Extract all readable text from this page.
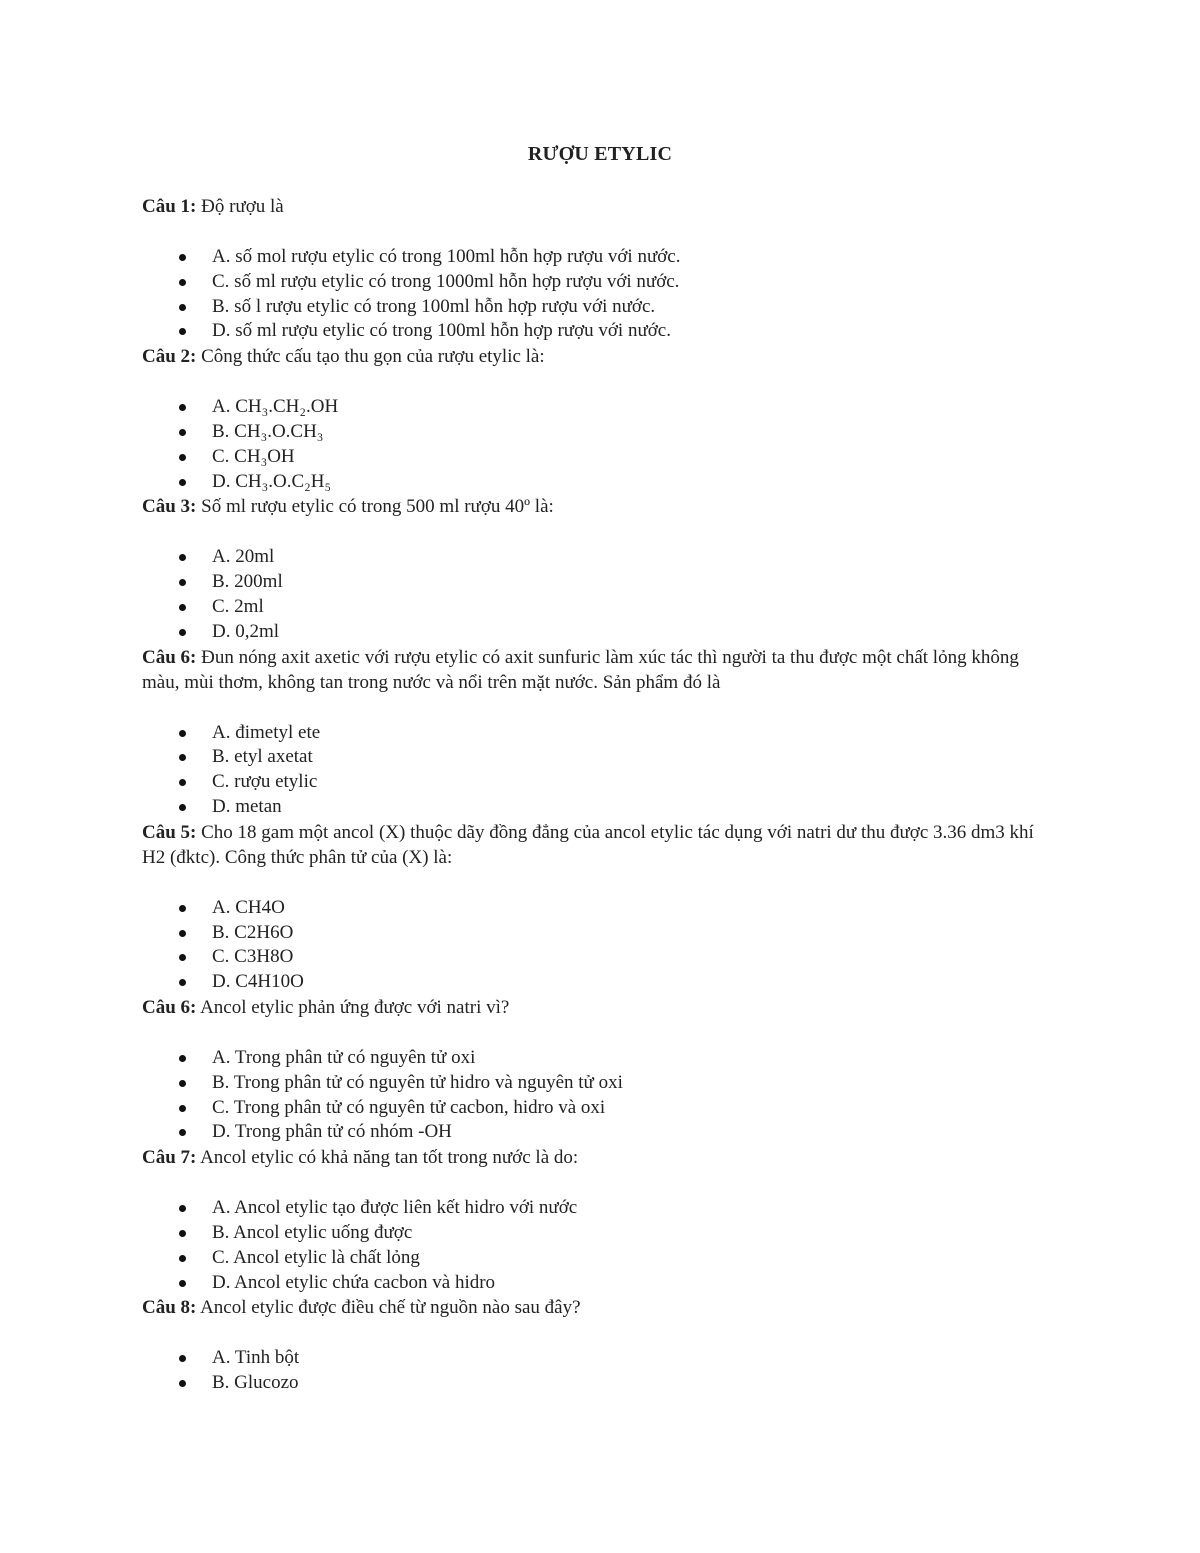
RƯỢU ETYLIC

Câu 1: Độ rượu là

A. số mol rượu etylic có trong 100ml hỗn hợp rượu với nước.
C. số ml rượu etylic có trong 1000ml hỗn hợp rượu với nước.
B. số l rượu etylic có trong 100ml hỗn hợp rượu với nước.
D. số ml rượu etylic có trong 100ml hỗn hợp rượu với nước.

Câu 2: Công thức cấu tạo thu gọn của rượu etylic là:

A. CH₃.CH₂.OH
B. CH₃.O.CH₃
C. CH₃OH
D. CH₃.O.C₂H₅

Câu 3: Số ml rượu etylic có trong 500 ml rượu 40º là:

A. 20ml
B. 200ml
C. 2ml
D. 0,2ml

Câu 6: Đun nóng axit axetic với rượu etylic có axit sunfuric làm xúc tác thì người ta thu được một chất lỏng không màu, mùi thơm, không tan trong nước và nổi trên mặt nước. Sản phẩm đó là

A. đimetyl ete
B. etyl axetat
C. rượu etylic
D. metan

Câu 5: Cho 18 gam một ancol (X) thuộc dãy đồng đẳng của ancol etylic tác dụng với natri dư thu được 3.36 dm3 khí H2 (đktc). Công thức phân tử của (X) là:

A. CH4O
B. C2H6O
C. C3H8O
D. C4H10O

Câu 6: Ancol etylic phản ứng được với natri vì?

A. Trong phân tử có nguyên tử oxi
B. Trong phân tử có nguyên tử hidro và nguyên tử oxi
C. Trong phân tử có nguyên tử cacbon, hidro và oxi
D. Trong phân tử có nhóm -OH

Câu 7: Ancol etylic có khả năng tan tốt trong nước là do:

A. Ancol etylic tạo được liên kết hidro với nước
B. Ancol etylic uống được
C. Ancol etylic là chất lỏng
D. Ancol etylic chứa cacbon và hidro

Câu 8: Ancol etylic được điều chế từ nguồn nào sau đây?

A. Tinh bột
B. Glucozo
